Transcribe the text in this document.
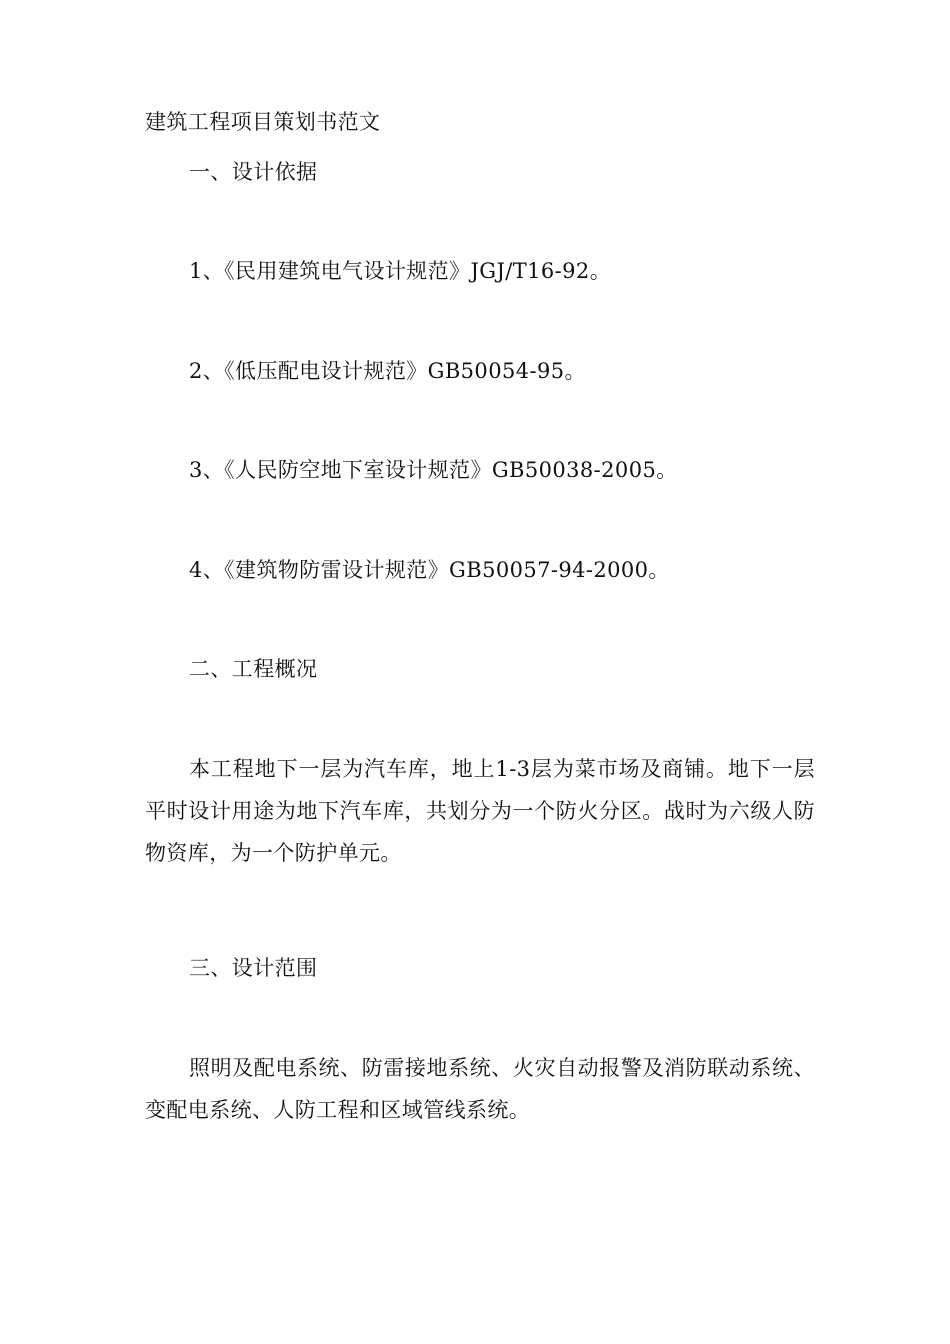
建筑工程项目策划书范文
一、设计依据
1、《民用建筑电气设计规范》JGJ/T16-92。
2、《低压配电设计规范》GB50054-95。
3、《人民防空地下室设计规范》GB50038-2005。
4、《建筑物防雷设计规范》GB50057-94-2000。
二、工程概况
本工程地下一层为汽车库，地上1-3层为菜市场及商铺。地下一层平时设计用途为地下汽车库，共划分为一个防火分区。战时为六级人防物资库，为一个防护单元。
三、设计范围
照明及配电系统、防雷接地系统、火灾自动报警及消防联动系统、变配电系统、人防工程和区域管线系统。
